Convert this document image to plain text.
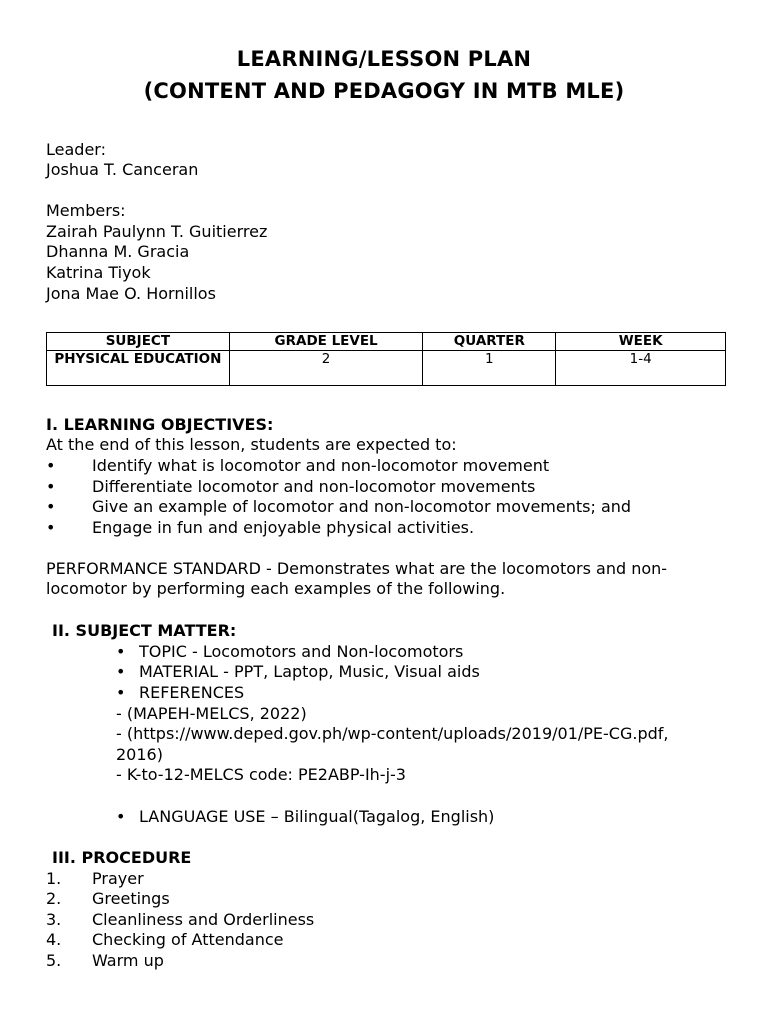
LEARNING/LESSON PLAN
(CONTENT AND PEDAGOGY IN MTB MLE)
Leader:
Joshua T. Canceran
Members:
Zairah Paulynn T. Guitierrez
Dhanna M. Gracia
Katrina Tiyok
Jona Mae O. Hornillos
SUBJECT	GRADE LEVEL	QUARTER	WEEK
PHYSICAL EDUCATION	2	1	1-4
I. LEARNING OBJECTIVES:
At the end of this lesson, students are expected to:
• Identify what is locomotor and non-locomotor movement
• Differentiate locomotor and non-locomotor movements
• Give an example of locomotor and non-locomotor movements; and
• Engage in fun and enjoyable physical activities.
PERFORMANCE STANDARD - Demonstrates what are the locomotors and non-
locomotor by performing each examples of the following.
II. SUBJECT MATTER:
• TOPIC - Locomotors and Non-locomotors
• MATERIAL - PPT, Laptop, Music, Visual aids
• REFERENCES
- (MAPEH-MELCS, 2022)
- (https://www.deped.gov.ph/wp-content/uploads/2019/01/PE-CG.pdf,
2016)
- K-to-12-MELCS code: PE2ABP-Ih-j-3
• LANGUAGE USE – Bilingual(Tagalog, English)
III. PROCEDURE
1. Prayer
2. Greetings
3. Cleanliness and Orderliness
4. Checking of Attendance
5. Warm up
